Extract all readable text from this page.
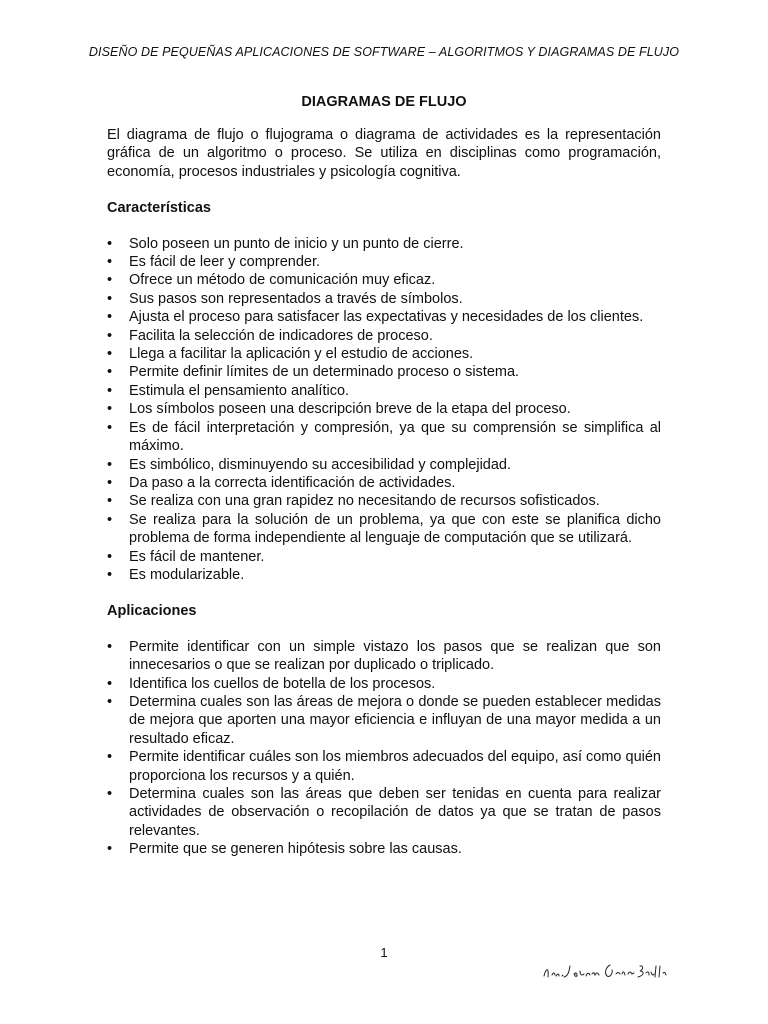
DISEÑO DE PEQUEÑAS APLICACIONES DE SOFTWARE – ALGORITMOS Y DIAGRAMAS DE FLUJO
DIAGRAMAS DE FLUJO

El diagrama de flujo o flujograma o diagrama de actividades es la representación gráfica de un algoritmo o proceso. Se utiliza en disciplinas como programación, economía, procesos industriales y psicología cognitiva.

Características
• Solo poseen un punto de inicio y un punto de cierre.
• Es fácil de leer y comprender.
• Ofrece un método de comunicación muy eficaz.
• Sus pasos son representados a través de símbolos.
• Ajusta el proceso para satisfacer las expectativas y necesidades de los clientes.
• Facilita la selección de indicadores de proceso.
• Llega a facilitar la aplicación y el estudio de acciones.
• Permite definir límites de un determinado proceso o sistema.
• Estimula el pensamiento analítico.
• Los símbolos poseen una descripción breve de la etapa del proceso.
• Es de fácil interpretación y compresión, ya que su comprensión se simplifica al máximo.
• Es simbólico, disminuyendo su accesibilidad y complejidad.
• Da paso a la correcta identificación de actividades.
• Se realiza con una gran rapidez no necesitando de recursos sofisticados.
• Se realiza para la solución de un problema, ya que con este se planifica dicho problema de forma independiente al lenguaje de computación que se utilizará.
• Es fácil de mantener.
• Es modularizable.
Aplicaciones
• Permite identificar con un simple vistazo los pasos que se realizan que son innecesarios o que se realizan por duplicado o triplicado.
• Identifica los cuellos de botella de los procesos.
• Determina cuales son las áreas de mejora o donde se pueden establecer medidas de mejora que aporten una mayor eficiencia e influyan de una mayor medida a un resultado eficaz.
• Permite identificar cuáles son los miembros adecuados del equipo, así como quién proporciona los recursos y a quién.
• Determina cuales son las áreas que deben ser tenidas en cuenta para realizar actividades de observación o recopilación de datos ya que se tratan de pasos relevantes.
• Permite que se generen hipótesis sobre las causas.
1
